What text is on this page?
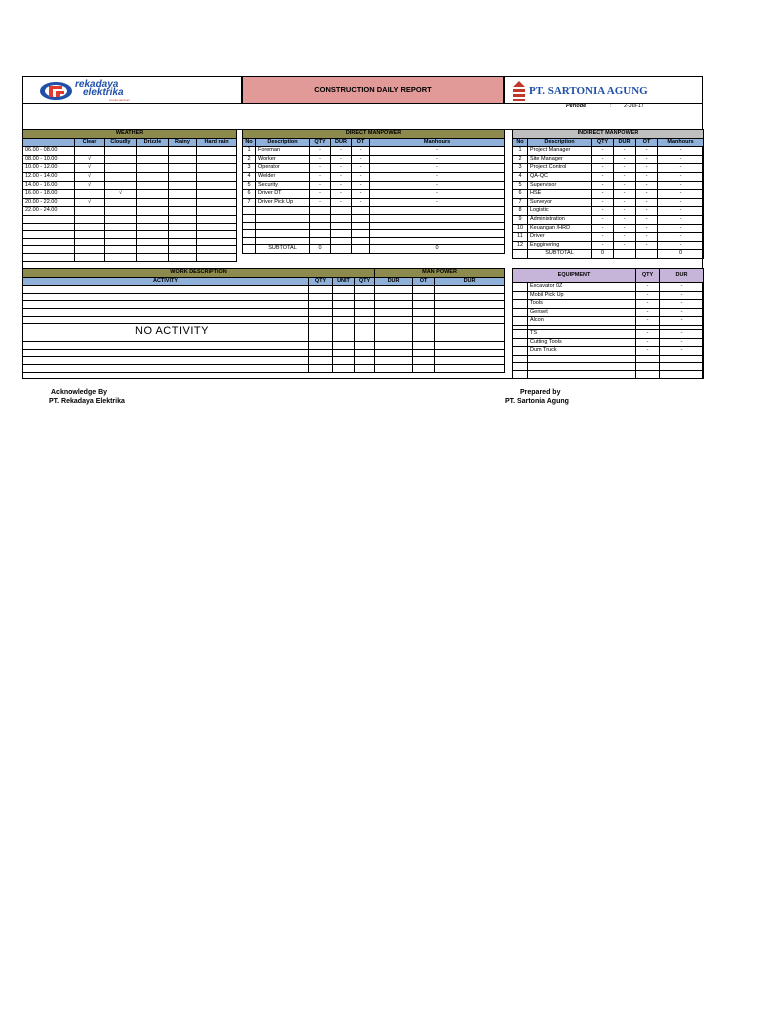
rekadaya
elektrika
inovasi jaminan
CONSTRUCTION DAILY REPORT	PT. SARTONIA AGUNG
Periode	: 2-Jul-17
WEATHER					
	Clear	Cloudly	Drizzle	Rainy	Hard rain
06.00 - 08.00					
08.00 - 10.00	√				
10.00 - 12.00	√				
12.00 - 14.00	√				
14.00 - 16.00	√				
16.00 - 18.00		√			
20.00 - 22.00	√				
22.00 - 24.00					

DIRECT MANPOWER					
No	Description	QTY	DUR	OT	Manhours
1	Foreman	-	-	-	-
2	Worker	-	-	-	-
3	Operator	-	-	-	-
4	Welder	-	-	-	-
5	Security	-	-	-	-
6	Driver DT	-	-	-	-
7	Driver Pick Up	-	-	-	-

	SUBTOTAL	0			0
INDIRECT MANPOWER					
No	Description	QTY	DUR	OT	Manhours
1	Project Manager	-	-	-	-
2	Site Manager	-	-	-	-
3	Project Control	-	-	-	-
4	QA-QC	-	-	-	-
5	Supervisor	-	-	-	-
6	HSE	-	-	-	-
7	Surveyor	-	-	-	-
8	Logistic	-	-	-	-
9	Administration	-	-	-	-
10	Keuangan /HRD	-	-	-	-
11	Driver	-	-	-	-
12	Engginering	-	-	-	-
	SUBTOTAL	0			0
WORK DESCRIPTION				MAN POWER		
ACTIVITY	QTY	UNIT	QTY	DUR	OT	DUR

NO ACTIVITY						

EQUIPMENT		QTY	DUR
	Excavator 0Z	-	-
	Mobil Pick Up	-	-
	Tools	-	-
	Genset	-	-
	Alcon	-	-

	TS	-	-
	Cutting Tools	-	-
	Dum Truck	-	-

Acknowledge By
PT. Rekadaya Elektrika
Prepared by
PT. Sartonia Agung
